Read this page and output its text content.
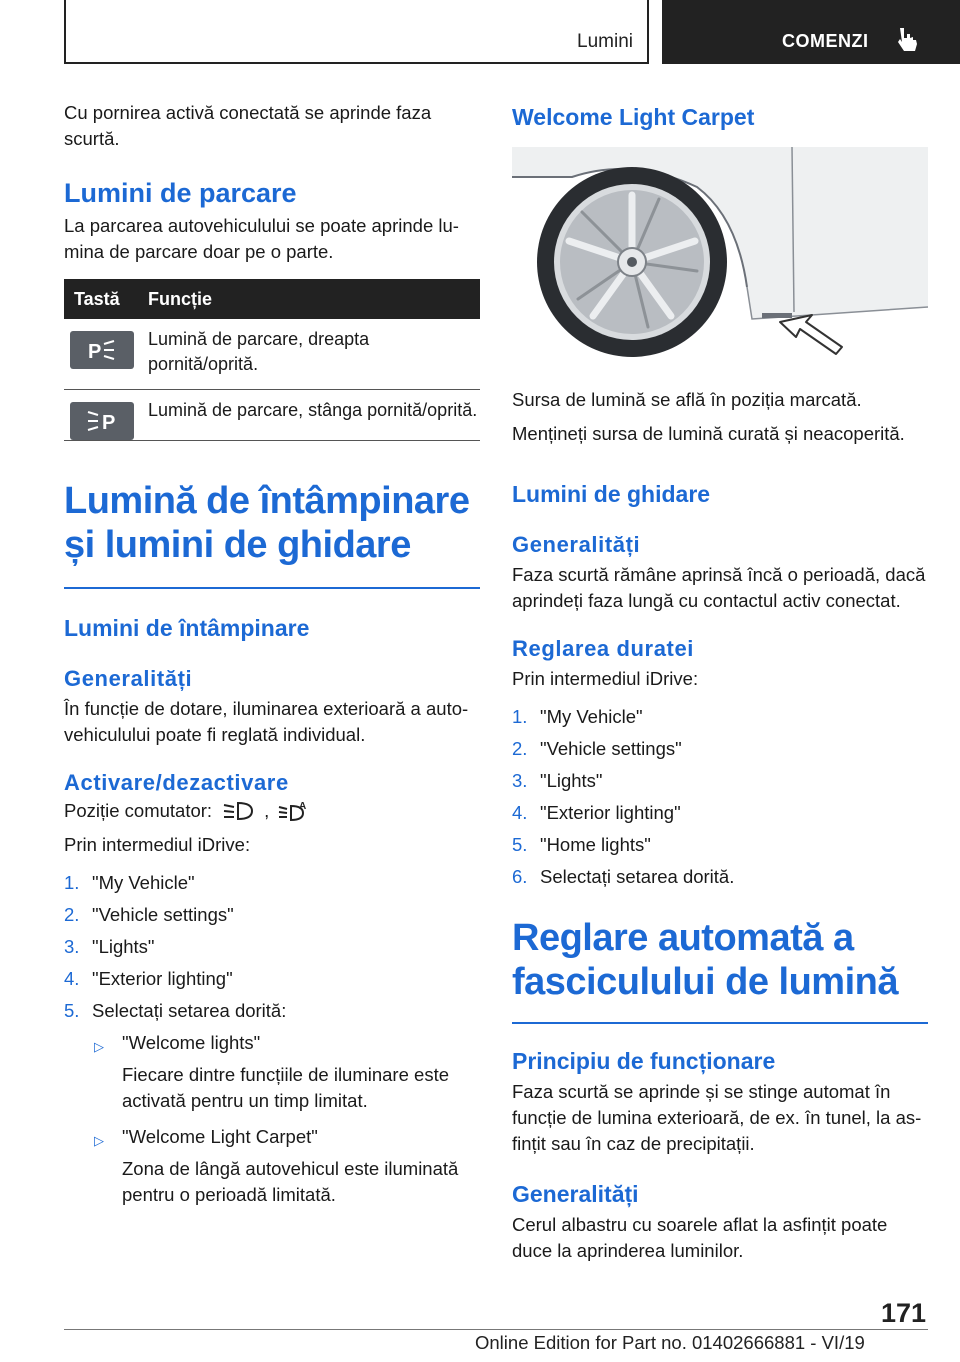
Lumini	COMENZI

Cu pornirea activă conectată se aprinde faza scurtă.

Lumini de parcare

La parcarea autovehiculului se poate aprinde lu-mina de parcare doar pe o parte.

Tastă	Funcție

P	Lumină de parcare, dreapta pornită/oprită.

P	Lumină de parcare, stânga pornită/oprită.
Lumină de întâmpinare și lumini de ghidare
Lumini de întâmpinare
Generalități

În funcție de dotare, iluminarea exterioară a auto-vehiculului poate fi reglată individual.

Activare/dezactivare

Poziție comutator:	,	A

Prin intermediul iDrive:

1. "My Vehicle"
2. "Vehicle settings"
3. "Lights"
4. "Exterior lighting"
5. Selectați setarea dorită:
▷ "Welcome lights"
Fiecare dintre funcțiile de iluminare este activată pentru un timp limitat.
▷ "Welcome Light Carpet"
Zona de lângă autovehicul este iluminată pentru o perioadă limitată.
Welcome Light Carpet

Sursa de lumină se află în poziția marcată.

Mențineți sursa de lumină curată și neacoperită.

Lumini de ghidare
Generalități

Faza scurtă rămâne aprinsă încă o perioadă, dacă aprindeți faza lungă cu contactul activ conectat.

Reglarea duratei

Prin intermediul iDrive:

1. "My Vehicle"
2. "Vehicle settings"
3. "Lights"
4. "Exterior lighting"
5. "Home lights"
6. Selectați setarea dorită.
Reglare automată a fasciculului de lumină
Principiu de funcționare

Faza scurtă se aprinde și se stinge automat în funcție de lumina exterioară, de ex. în tunel, la as-fințit sau în caz de precipitații.

Generalități

Cerul albastru cu soarele aflat la asfințit poate duce la aprinderea luminilor.

171
Online Edition for Part no. 01402666881 - VI/19
